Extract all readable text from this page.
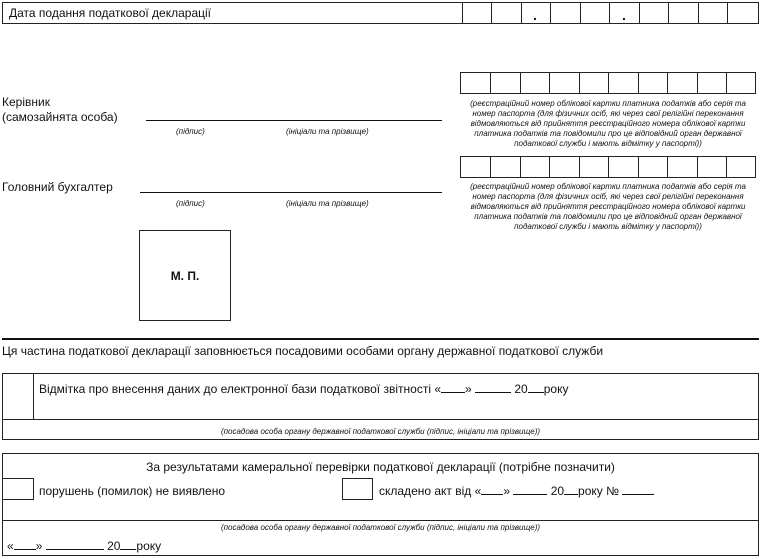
Дата подання податкової декларації	.	.
Керівник
(самозайнята особа)
(підпис)	(ініціали та прізвище)
(реєстраційний номер облікової картки платника податків або серія та номер паспорта (для фізичних осіб, які через свої релігійні переконання відмовляються від прийняття реєстраційного номера облікової картки платника податків та повідомили про це відповідний орган державної податкової служби і мають відмітку у паспорті))
Головний бухгалтер
(підпис)	(ініціали та прізвище)
(реєстраційний номер облікової картки платника податків або серія та номер паспорта (для фізичних осіб, які через свої релігійні переконання відмовляються від прийняття реєстраційного номера облікової картки платника податків та повідомили про це відповідний орган державної податкової служби і мають відмітку у паспорті))
М. П.
Ця частина податкової декларації заповнюється посадовими особами органу державної податкової служби
Відмітка про внесення даних до електронної бази податкової звітності « »	20 року
(посадова особа органу державної податкової служби (підпис, ініціали та прізвище))
За результатами камеральної перевірки податкової декларації (потрібне позначити)
порушень (помилок) не виявлено	складено акт від « »	20 року №
(посадова особа органу державної податкової служби (підпис, ініціали та прізвище))
« »	20 року
